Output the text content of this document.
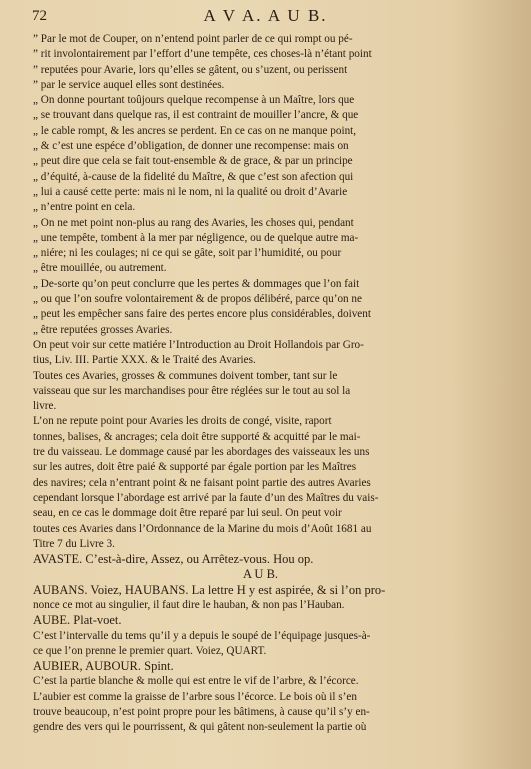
72	A V A. A U B.
” Par le mot de Couper, on n’entend point parler de ce qui rompt ou pé-
” rit involontairement par l’effort d’une tempête, ces choses-là n’étant point
” reputées pour Avarie, lors qu’elles se gâtent, ou s’uzent, ou perissent
” par le service auquel elles sont destinées.
„ On donne pourtant toûjours quelque recompense à un Maître, lors que
„ se trouvant dans quelque ras, il est contraint de mouiller l’ancre, & que
„ le cable rompt, & les ancres se perdent. En ce cas on ne manque point,
„ & c’est une espéce d’obligation, de donner une recompense: mais on
„ peut dire que cela se fait tout-ensemble & de grace, & par un principe
„ d’équité, à-cause de la fidelité du Maître, & que c’est son afection qui
„ lui a causé cette perte: mais ni le nom, ni la qualité ou droit d’Avarie
„ n’entre point en cela.
„ On ne met point non-plus au rang des Avaries, les choses qui, pendant
„ une tempête, tombent à la mer par négligence, ou de quelque autre ma-
„ niére; ni les coulages; ni ce qui se gâte, soit par l’humidité, ou pour
„ être mouillée, ou autrement.
„ De-sorte qu’on peut conclurre que les pertes & dommages que l’on fait
„ ou que l’on soufre volontairement & de propos délibéré, parce qu’on ne
„ peut les empêcher sans faire des pertes encore plus considérables, doivent
„ être reputées grosses Avaries.
On peut voir sur cette matiére l’Introduction au Droit Hollandois par Gro-
tius, Liv. III. Partie XXX. & le Traité des Avaries.
Toutes ces Avaries, grosses & communes doivent tomber, tant sur le
vaisseau que sur les marchandises pour être réglées sur le tout au sol la
livre.
L’on ne repute point pour Avaries les droits de congé, visite, raport
tonnes, balises, & ancrages; cela doit être supporté & acquitté par le mai-
tre du vaisseau. Le dommage causé par les abordages des vaisseaux les uns
sur les autres, doit être paié & supporté par égale portion par les Maîtres
des navires; cela n’entrant point & ne faisant point partie des autres Avaries
cependant lorsque l’abordage est arrivé par la faute d’un des Maîtres du vais-
seau, en ce cas le dommage doit être reparé par lui seul. On peut voir
toutes ces Avaries dans l’Ordonnance de la Marine du mois d’Août 1681 au
Titre 7 du Livre 3.
AVASTE. C’est-à-dire, Assez, ou Arrêtez-vous. Hou op.
A U B.
AUBANS. Voiez, HAUBANS. La lettre H y est aspirée, & si l’on pro-
nonce ce mot au singulier, il faut dire le hauban, & non pas l’Hauban.
AUBE. Plat-voet.
C’est l’intervalle du tems qu’il y a depuis le soupé de l’équipage jusques-à-
ce que l’on prenne le premier quart. Voiez, QUART.
AUBIER, AUBOUR. Spint.
C’est la partie blanche & molle qui est entre le vif de l’arbre, & l’écorce.
L’aubier est comme la graisse de l’arbre sous l’écorce. Le bois où il s’en
trouve beaucoup, n’est point propre pour les bâtimens, à cause qu’il s’y en-
gendre des vers qui le pourrissent, & qui gâtent non-seulement la partie où
